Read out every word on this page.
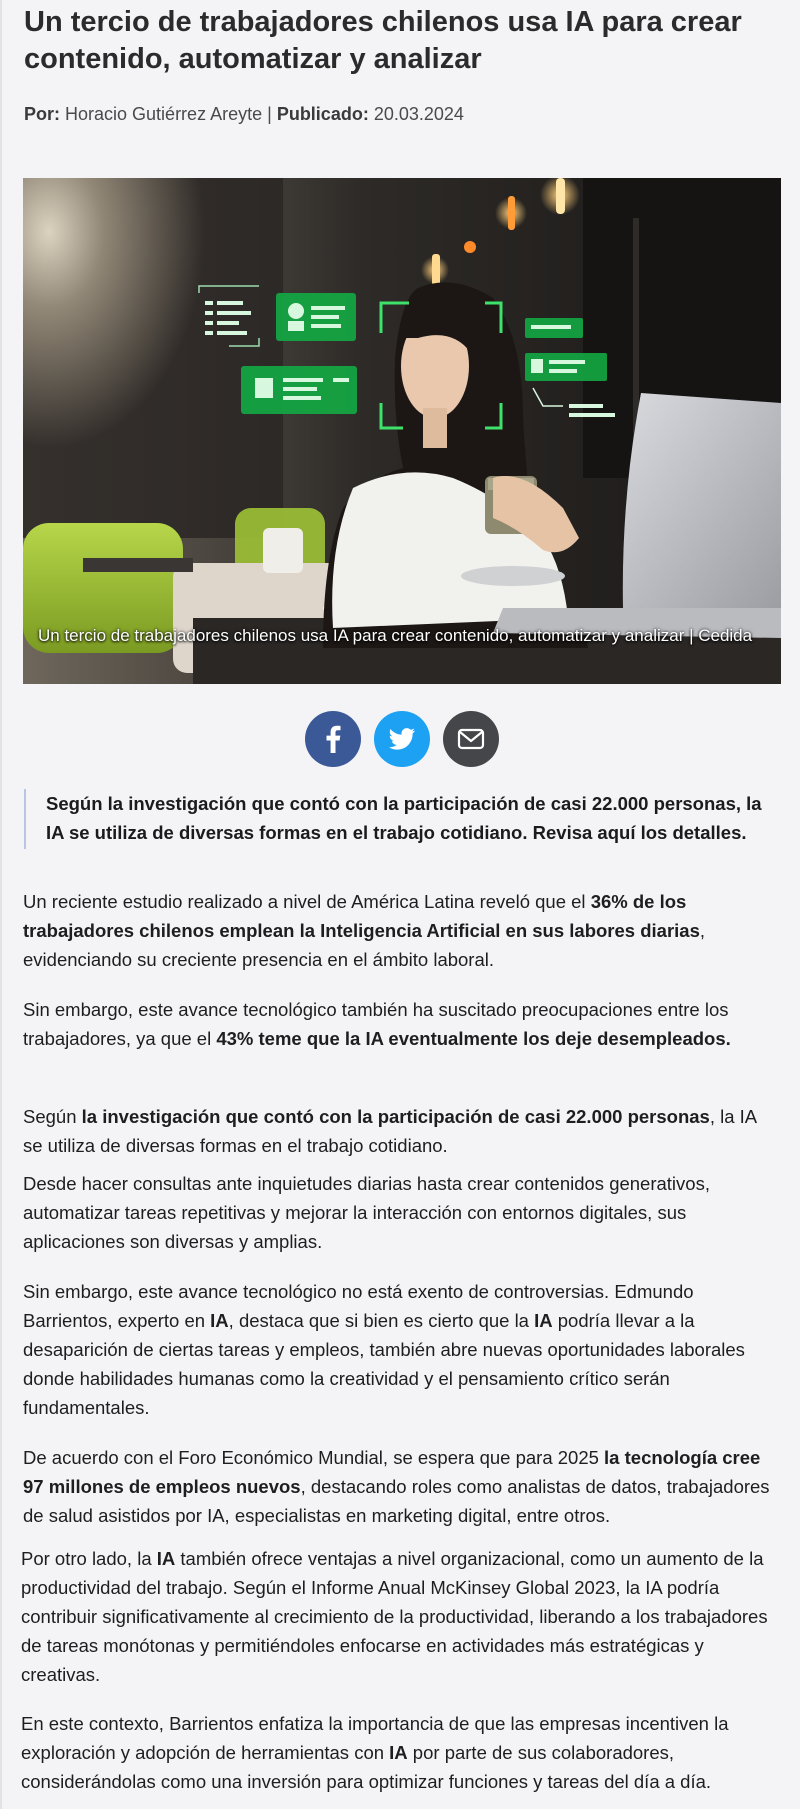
Un tercio de trabajadores chilenos usa IA para crear contenido, automatizar y analizar

Por: Horacio Gutiérrez Areyte | Publicado: 20.03.2024

Un tercio de trabajadores chilenos usa IA para crear contenido, automatizar y analizar | Cedida

Según la investigación que contó con la participación de casi 22.000 personas, la IA se utiliza de diversas formas en el trabajo cotidiano. Revisa aquí los detalles.

Un reciente estudio realizado a nivel de América Latina reveló que el 36% de los trabajadores chilenos emplean la Inteligencia Artificial en sus labores diarias, evidenciando su creciente presencia en el ámbito laboral.

Sin embargo, este avance tecnológico también ha suscitado preocupaciones entre los trabajadores, ya que el 43% teme que la IA eventualmente los deje desempleados.

Según la investigación que contó con la participación de casi 22.000 personas, la IA se utiliza de diversas formas en el trabajo cotidiano.

Desde hacer consultas ante inquietudes diarias hasta crear contenidos generativos, automatizar tareas repetitivas y mejorar la interacción con entornos digitales, sus aplicaciones son diversas y amplias.

Sin embargo, este avance tecnológico no está exento de controversias. Edmundo Barrientos, experto en IA, destaca que si bien es cierto que la IA podría llevar a la desaparición de ciertas tareas y empleos, también abre nuevas oportunidades laborales donde habilidades humanas como la creatividad y el pensamiento crítico serán fundamentales.

De acuerdo con el Foro Económico Mundial, se espera que para 2025 la tecnología cree 97 millones de empleos nuevos, destacando roles como analistas de datos, trabajadores de salud asistidos por IA, especialistas en marketing digital, entre otros.

Por otro lado, la IA también ofrece ventajas a nivel organizacional, como un aumento de la productividad del trabajo. Según el Informe Anual McKinsey Global 2023, la IA podría contribuir significativamente al crecimiento de la productividad, liberando a los trabajadores de tareas monótonas y permitiéndoles enfocarse en actividades más estratégicas y creativas.

En este contexto, Barrientos enfatiza la importancia de que las empresas incentiven la exploración y adopción de herramientas con IA por parte de sus colaboradores, considerándolas como una inversión para optimizar funciones y tareas del día a día.
